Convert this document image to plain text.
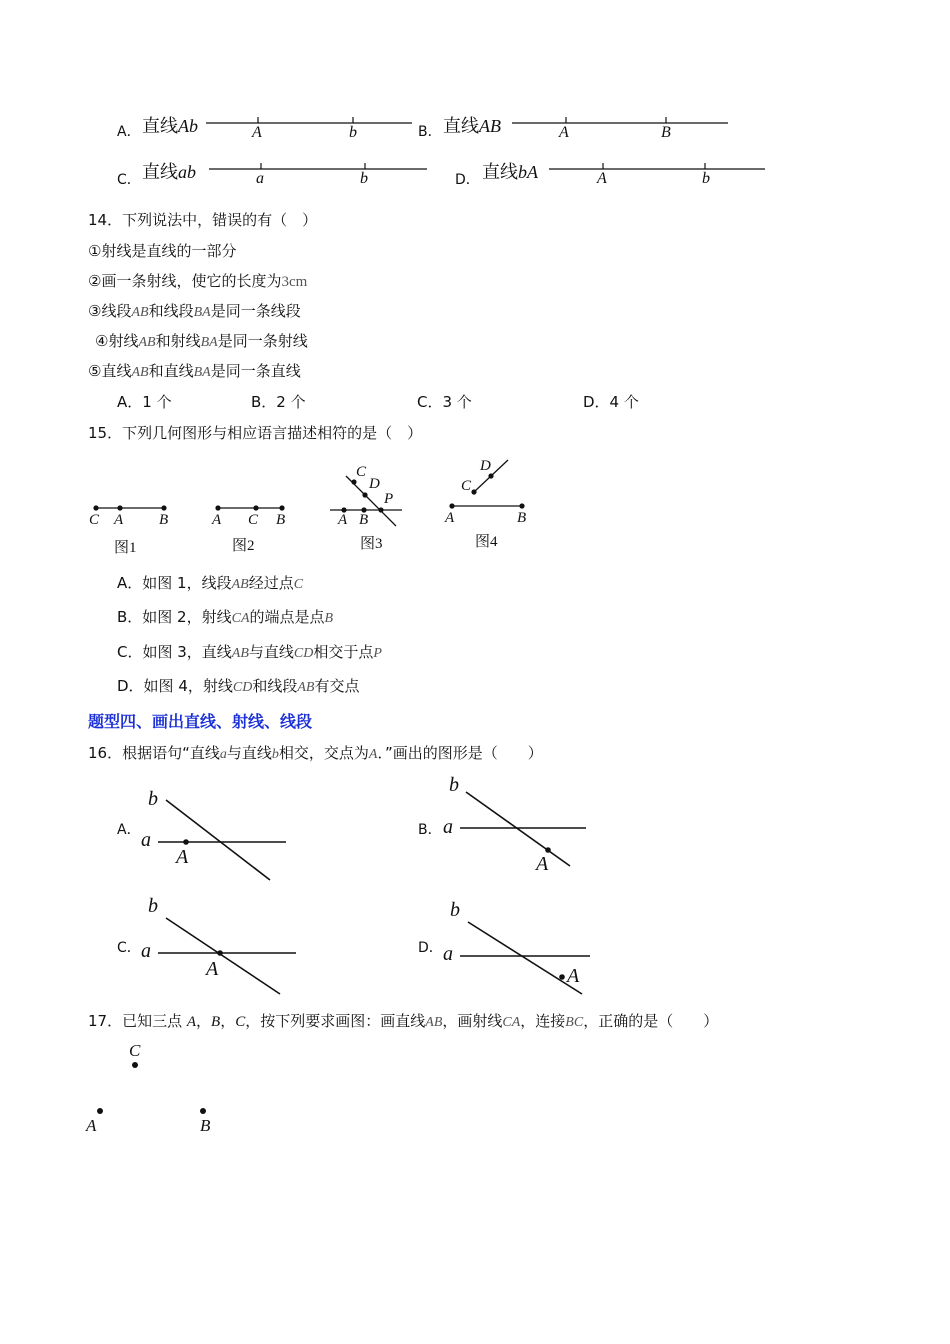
A． 直线Ab	A	b	B． 直线AB	A	B
C． 直线ab	a	b	D． 直线bA	A	b
14．下列说法中，错误的有（　）
①射线是直线的一部分
②画一条射线，使它的长度为3cm
③线段AB和线段BA是同一条线段
④射线AB和射线BA是同一条射线
⑤直线AB和直线BA是同一条直线
A．1 个	B．2 个	C．3 个	D．4 个
15．下列几何图形与相应语言描述相符的是（　）
C A B
图1
A C B
图2
C
D
P
A B
图3
D
C
A	B
图4
A．如图 1，线段AB经过点C
B．如图 2，射线CA的端点是点B
C．如图 3，直线AB与直线CD相交于点P
D．如图 4，射线CD和线段AB有交点
题型四、画出直线、射线、线段
16．根据语句“直线a与直线b相交，交点为A．”画出的图形是（　　）
A．
b
a
A
B．
b
a
A
C．
b
a
A
D．
b
a
A
17．已知三点 A，B，C，按下列要求画图：画直线AB，画射线CA，连接BC，正确的是（　　）
C
A	B
